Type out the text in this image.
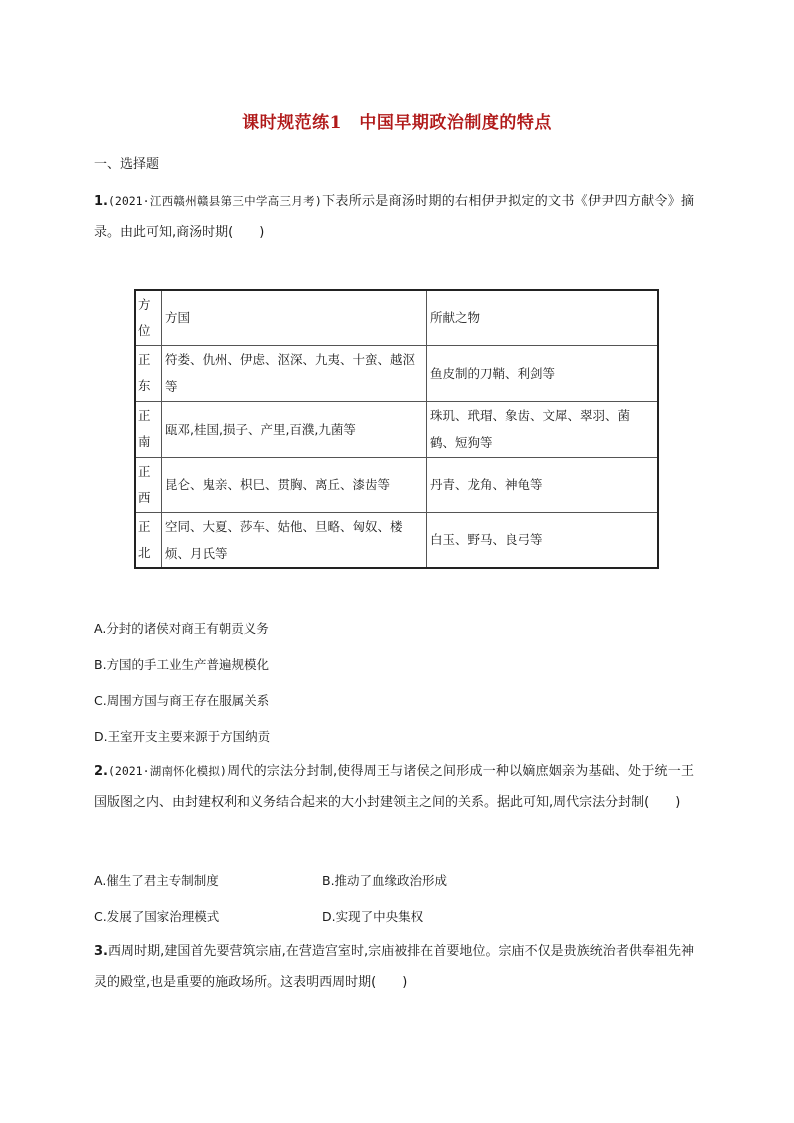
课时规范练1　中国早期政治制度的特点
一、选择题
1.(2021·江西赣州赣县第三中学高三月考)下表所示是商汤时期的右相伊尹拟定的文书《伊尹四方献令》摘录。由此可知,商汤时期(　　)
方位	方国	所献之物
正东	符娄、仇州、伊虑、沤深、九夷、十蛮、越沤等	鱼皮制的刀鞘、利剑等
正南	瓯邓,桂国,损子、产里,百濮,九菌等	珠玑、玳瑁、象齿、文犀、翠羽、菌鹤、短狗等
正西	昆仑、鬼亲、枳巳、贯胸、离丘、漆齿等	丹青、龙角、神龟等
正北	空同、大夏、莎车、姑他、旦略、匈奴、楼烦、月氏等	白玉、野马、良弓等
A.分封的诸侯对商王有朝贡义务
B.方国的手工业生产普遍规模化
C.周围方国与商王存在服属关系
D.王室开支主要来源于方国纳贡
2.(2021·湖南怀化模拟)周代的宗法分封制,使得周王与诸侯之间形成一种以嫡庶姻亲为基础、处于统一王国版图之内、由封建权利和义务结合起来的大小封建领主之间的关系。据此可知,周代宗法分封制(　　)
A.催生了君主专制制度	B.推动了血缘政治形成
C.发展了国家治理模式	D.实现了中央集权
3.西周时期,建国首先要营筑宗庙,在营造宫室时,宗庙被排在首要地位。宗庙不仅是贵族统治者供奉祖先神灵的殿堂,也是重要的施政场所。这表明西周时期(　　)
